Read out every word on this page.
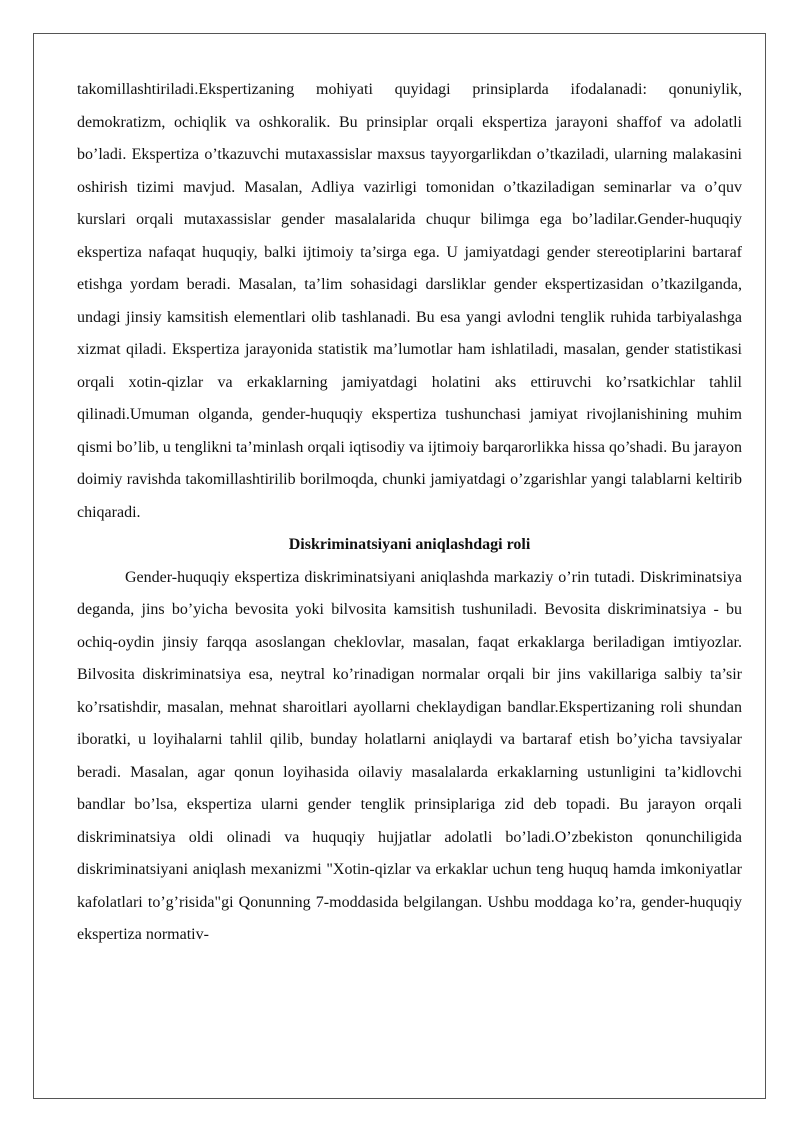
takomillashtiriladi.Ekspertizaning mohiyati quyidagi prinsiplarda ifodalanadi: qonuniylik, demokratizm, ochiqlik va oshkoralik. Bu prinsiplar orqali ekspertiza jarayoni shaffof va adolatli bo’ladi. Ekspertiza o’tkazuvchi mutaxassislar maxsus tayyorgarlikdan o’tkaziladi, ularning malakasini oshirish tizimi mavjud. Masalan, Adliya vazirligi tomonidan o’tkaziladigan seminarlar va o’quv kurslari orqali mutaxassislar gender masalalarida chuqur bilimga ega bo’ladilar.Gender-huquqiy ekspertiza nafaqat huquqiy, balki ijtimoiy ta’sirga ega. U jamiyatdagi gender stereotiplarini bartaraf etishga yordam beradi. Masalan, ta’lim sohasidagi darsliklar gender ekspertizasidan o’tkazilganda, undagi jinsiy kamsitish elementlari olib tashlanadi. Bu esa yangi avlodni tenglik ruhida tarbiyalashga xizmat qiladi. Ekspertiza jarayonida statistik ma’lumotlar ham ishlatiladi, masalan, gender statistikasi orqali xotin-qizlar va erkaklarning jamiyatdagi holatini aks ettiruvchi ko’rsatkichlar tahlil qilinadi.Umuman olganda, gender-huquqiy ekspertiza tushunchasi jamiyat rivojlanishining muhim qismi bo’lib, u tenglikni ta’minlash orqali iqtisodiy va ijtimoiy barqarorlikka hissa qo’shadi. Bu jarayon doimiy ravishda takomillashtirilib borilmoqda, chunki jamiyatdagi o’zgarishlar yangi talablarni keltirib chiqaradi.

Diskriminatsiyani aniqlashdagi roli

Gender-huquqiy ekspertiza diskriminatsiyani aniqlashda markaziy o’rin tutadi. Diskriminatsiya deganda, jins bo’yicha bevosita yoki bilvosita kamsitish tushuniladi. Bevosita diskriminatsiya - bu ochiq-oydin jinsiy farqqa asoslangan cheklovlar, masalan, faqat erkaklarga beriladigan imtiyozlar. Bilvosita diskriminatsiya esa, neytral ko’rinadigan normalar orqali bir jins vakillariga salbiy ta’sir ko’rsatishdir, masalan, mehnat sharoitlari ayollarni cheklaydigan bandlar.Ekspertizaning roli shundan iboratki, u loyihalarni tahlil qilib, bunday holatlarni aniqlaydi va bartaraf etish bo’yicha tavsiyalar beradi. Masalan, agar qonun loyihasida oilaviy masalalarda erkaklarning ustunligini ta’kidlovchi bandlar bo’lsa, ekspertiza ularni gender tenglik prinsiplariga zid deb topadi. Bu jarayon orqali diskriminatsiya oldi olinadi va huquqiy hujjatlar adolatli bo’ladi.O’zbekiston qonunchiligida diskriminatsiyani aniqlash mexanizmi "Xotin-qizlar va erkaklar uchun teng huquq hamda imkoniyatlar kafolatlari to’g’risida"gi Qonunning 7-moddasida belgilangan. Ushbu moddaga ko’ra, gender-huquqiy ekspertiza normativ-
